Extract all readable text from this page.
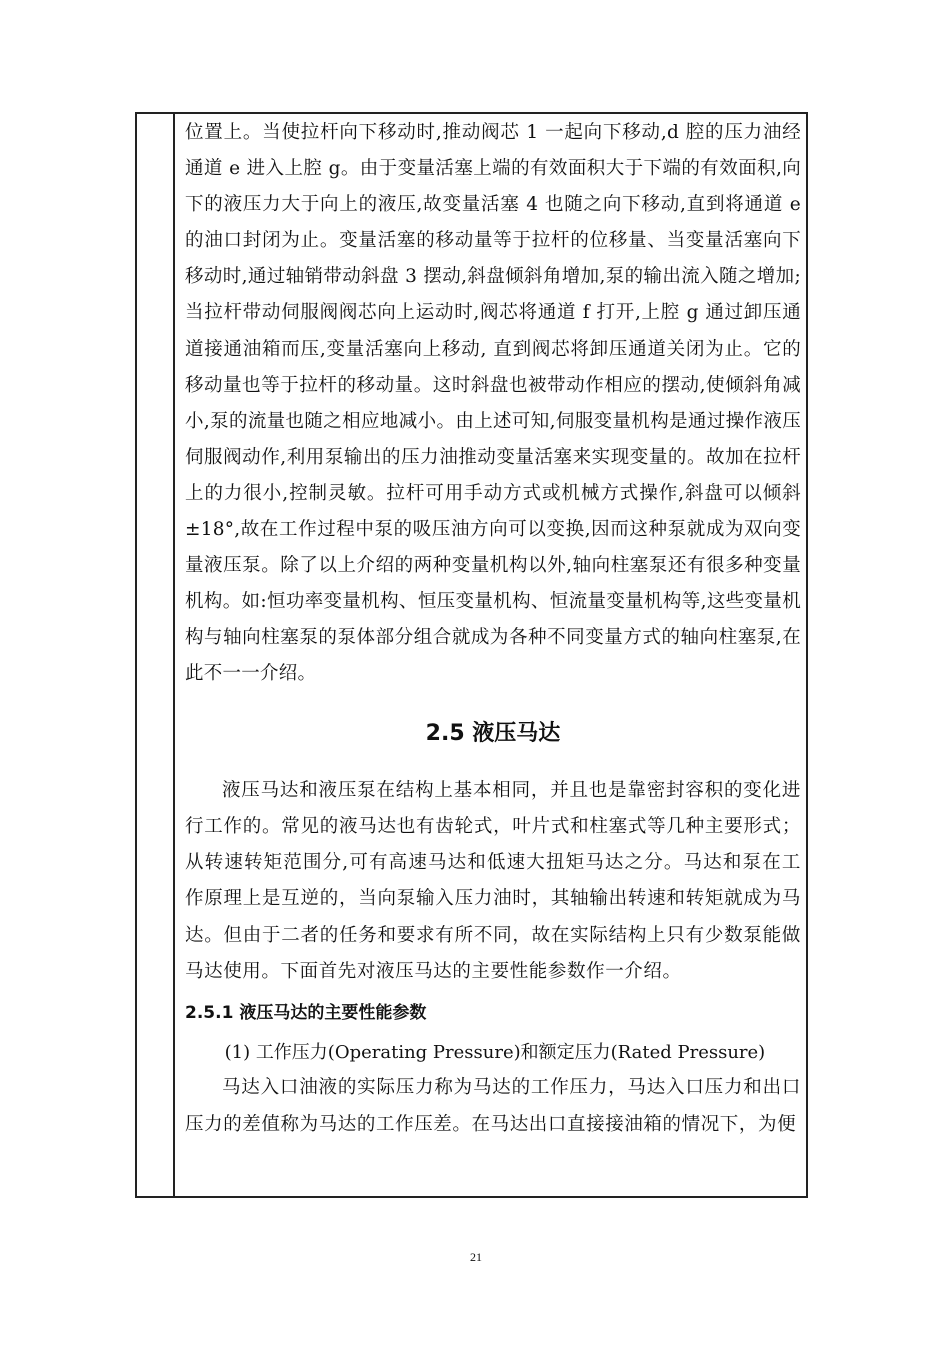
位置上。当使拉杆向下移动时,推动阀芯 1 一起向下移动,d 腔的压力油经通道 e 进入上腔 g。由于变量活塞上端的有效面积大于下端的有效面积,向下的液压力大于向上的液压,故变量活塞 4 也随之向下移动,直到将通道 e 的油口封闭为止。变量活塞的移动量等于拉杆的位移量、当变量活塞向下移动时,通过轴销带动斜盘 3 摆动,斜盘倾斜角增加,泵的输出流入随之增加;当拉杆带动伺服阀阀芯向上运动时,阀芯将通道 f 打开,上腔 g 通过卸压通道接通油箱而压,变量活塞向上移动, 直到阀芯将卸压通道关闭为止。它的移动量也等于拉杆的移动量。这时斜盘也被带动作相应的摆动,使倾斜角减小,泵的流量也随之相应地减小。由上述可知,伺服变量机构是通过操作液压伺服阀动作,利用泵输出的压力油推动变量活塞来实现变量的。故加在拉杆上的力很小,控制灵敏。拉杆可用手动方式或机械方式操作,斜盘可以倾斜±18°,故在工作过程中泵的吸压油方向可以变换,因而这种泵就成为双向变量液压泵。除了以上介绍的两种变量机构以外,轴向柱塞泵还有很多种变量机构。如:恒功率变量机构、恒压变量机构、恒流量变量机构等,这些变量机构与轴向柱塞泵的泵体部分组合就成为各种不同变量方式的轴向柱塞泵,在此不一一介绍。

2.5 液压马达

液压马达和液压泵在结构上基本相同，并且也是靠密封容积的变化进行工作的。常见的液马达也有齿轮式，叶片式和柱塞式等几种主要形式；从转速转矩范围分,可有高速马达和低速大扭矩马达之分。马达和泵在工作原理上是互逆的，当向泵输入压力油时，其轴输出转速和转矩就成为马达。但由于二者的任务和要求有所不同，故在实际结构上只有少数泵能做马达使用。下面首先对液压马达的主要性能参数作一介绍。

2.5.1 液压马达的主要性能参数

(1) 工作压力(Operating Pressure)和额定压力(Rated Pressure)

马达入口油液的实际压力称为马达的工作压力，马达入口压力和出口压力的差值称为马达的工作压差。在马达出口直接接油箱的情况下，为便

21
